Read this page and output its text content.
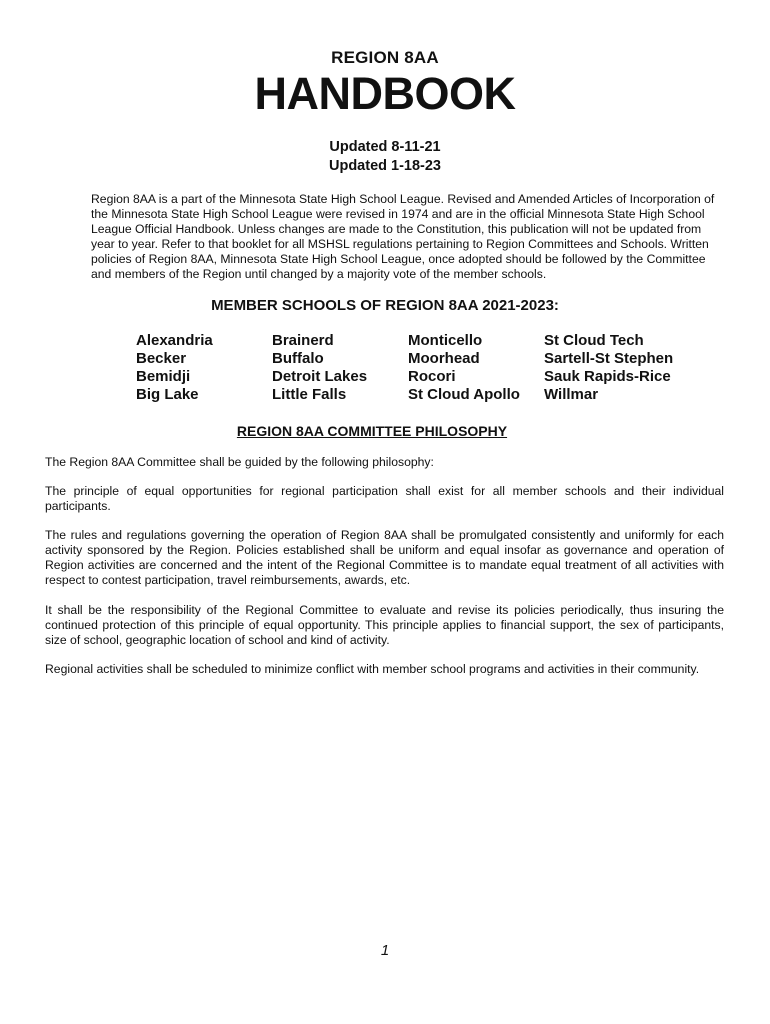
REGION 8AA
HANDBOOK
Updated 8-11-21
Updated 1-18-23

Region 8AA is a part of the Minnesota State High School League. Revised and Amended Articles of Incorporation of the Minnesota State High School League were revised in 1974 and are in the official Minnesota State High School League Official Handbook. Unless changes are made to the Constitution, this publication will not be updated from year to year. Refer to that booklet for all MSHSL regulations pertaining to Region Committees and Schools. Written policies of Region 8AA, Minnesota State High School League, once adopted should be followed by the Committee and members of the Region until changed by a majority vote of the member schools.

MEMBER SCHOOLS OF REGION 8AA 2021-2023:
Alexandria	Brainerd	Monticello	St Cloud Tech
Becker	Buffalo	Moorhead	Sartell-St Stephen
Bemidji	Detroit Lakes	Rocori	Sauk Rapids-Rice
Big Lake	Little Falls	St Cloud Apollo	Willmar
REGION 8AA COMMITTEE PHILOSOPHY

The Region 8AA Committee shall be guided by the following philosophy:

The principle of equal opportunities for regional participation shall exist for all member schools and their individual participants.

The rules and regulations governing the operation of Region 8AA shall be promulgated consistently and uniformly for each activity sponsored by the Region. Policies established shall be uniform and equal insofar as governance and operation of Region activities are concerned and the intent of the Regional Committee is to mandate equal treatment of all activities with respect to contest participation, travel reimbursements, awards, etc.

It shall be the responsibility of the Regional Committee to evaluate and revise its policies periodically, thus insuring the continued protection of this principle of equal opportunity. This principle applies to financial support, the sex of participants, size of school, geographic location of school and kind of activity.

Regional activities shall be scheduled to minimize conflict with member school programs and activities in their community.

1
